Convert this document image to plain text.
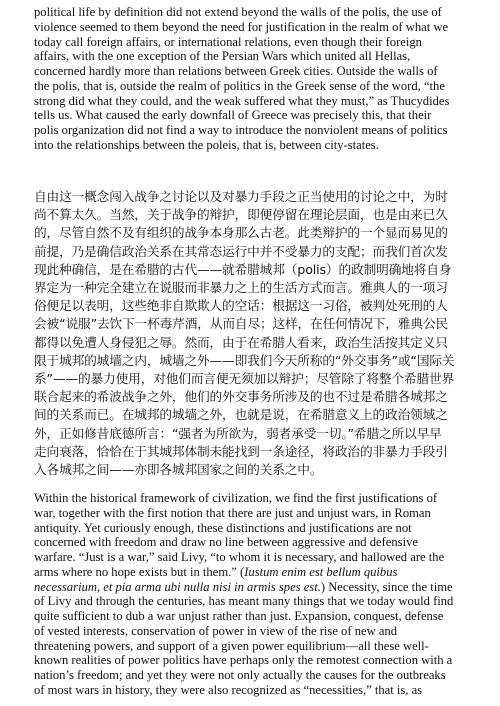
political life by definition did not extend beyond the walls of the polis, the use of
violence seemed to them beyond the need for justification in the realm of what we
today call foreign affairs, or international relations, even though their foreign
affairs, with the one exception of the Persian Wars which united all Hellas,
concerned hardly more than relations between Greek cities. Outside the walls of
the polis, that is, outside the realm of politics in the Greek sense of the word, “the
strong did what they could, and the weak suffered what they must,” as Thucydides
tells us. What caused the early downfall of Greece was precisely this, that their
polis organization did not find a way to introduce the nonviolent means of politics
into the relationships between the poleis, that is, between city-states.

自由这一概念闯入战争之讨论以及对暴力手段之正当使用的讨论之中，为时
尚不算太久。当然，关于战争的辩护，即便停留在理论层面，也是由来已久
的，尽管自然不及有组织的战争本身那么古老。此类辩护的一个显而易见的
前提，乃是确信政治关系在其常态运行中并不受暴力的支配；而我们首次发
现此种确信，是在希腊的古代——就希腊城邦（polis）的政制明确地将自身
界定为一种完全建立在说服而非暴力之上的生活方式而言。雅典人的一项习
俗便足以表明，这些绝非自欺欺人的空话：根据这一习俗，被判处死刑的人
会被“说服”去饮下一杯毒芹酒，从而自尽；这样，在任何情况下，雅典公民
都得以免遭人身侵犯之辱。然而，由于在希腊人看来，政治生活按其定义只
限于城邦的城墙之内，城墙之外——即我们今天所称的“外交事务”或“国际关
系”——的暴力使用，对他们而言便无须加以辩护；尽管除了将整个希腊世界
联合起来的希波战争之外，他们的外交事务所涉及的也不过是希腊各城邦之
间的关系而已。在城邦的城墙之外，也就是说，在希腊意义上的政治领域之
外，正如修昔底德所言：“强者为所欲为，弱者承受一切。”希腊之所以早早
走向衰落，恰恰在于其城邦体制未能找到一条途径，将政治的非暴力手段引
入各城邦之间——亦即各城邦国家之间的关系之中。

Within the historical framework of civilization, we find the first justifications of
war, together with the first notion that there are just and unjust wars, in Roman
antiquity. Yet curiously enough, these distinctions and justifications are not
concerned with freedom and draw no line between aggressive and defensive
warfare. “Just is a war,” said Livy, “to whom it is necessary, and hallowed are the
arms where no hope exists but in them.” (Iustum enim est bellum quibus
necessarium, et pia arma ubi nulla nisi in armis spes est.) Necessity, since the time
of Livy and through the centuries, has meant many things that we today would find
quite sufficient to dub a war unjust rather than just. Expansion, conquest, defense
of vested interests, conservation of power in view of the rise of new and
threatening powers, and support of a given power equilibrium—all these well-
known realities of power politics have perhaps only the remotest connection with a
nation’s freedom; and yet they were not only actually the causes for the outbreaks
of most wars in history, they were also recognized as “necessities,” that is, as
